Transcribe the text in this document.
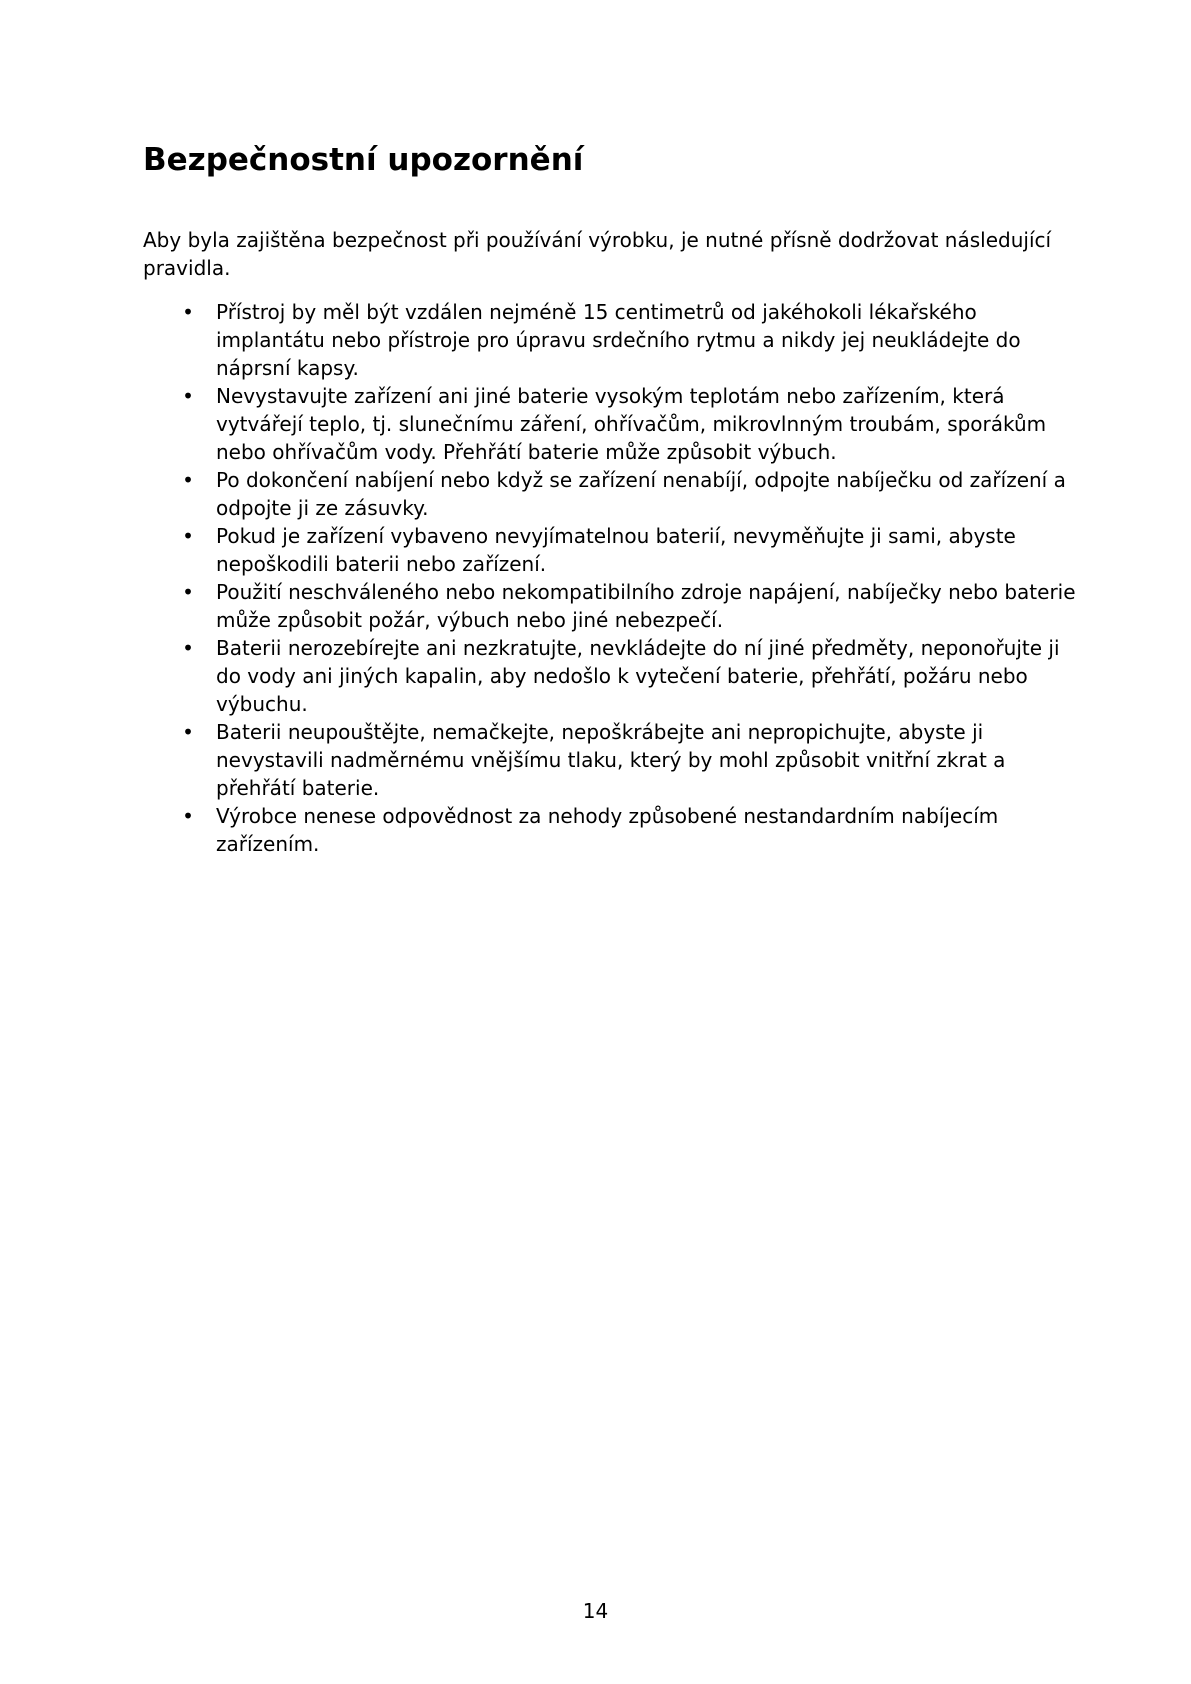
Bezpečnostní upozornění

Aby byla zajištěna bezpečnost při používání výrobku, je nutné přísně dodržovat následující pravidla.

• Přístroj by měl být vzdálen nejméně 15 centimetrů od jakéhokoli lékařského implantátu nebo přístroje pro úpravu srdečního rytmu a nikdy jej neukládejte do náprsní kapsy.
• Nevystavujte zařízení ani jiné baterie vysokým teplotám nebo zařízením, která vytvářejí teplo, tj. slunečnímu záření, ohřívačům, mikrovlnným troubám, sporákům nebo ohřívačům vody. Přehřátí baterie může způsobit výbuch.
• Po dokončení nabíjení nebo když se zařízení nenabíjí, odpojte nabíječku od zařízení a odpojte ji ze zásuvky.
• Pokud je zařízení vybaveno nevyjímatelnou baterií, nevyměňujte ji sami, abyste nepoškodili baterii nebo zařízení.
• Použití neschváleného nebo nekompatibilního zdroje napájení, nabíječky nebo baterie může způsobit požár, výbuch nebo jiné nebezpečí.
• Baterii nerozebírejte ani nezkratujte, nevkládejte do ní jiné předměty, neponořujte ji do vody ani jiných kapalin, aby nedošlo k vytečení baterie, přehřátí, požáru nebo výbuchu.
• Baterii neupouštějte, nemačkejte, nepoškrábejte ani nepropichujte, abyste ji nevystavili nadměrnému vnějšímu tlaku, který by mohl způsobit vnitřní zkrat a přehřátí baterie.
• Výrobce nenese odpovědnost za nehody způsobené nestandardním nabíjecím zařízením.
14
